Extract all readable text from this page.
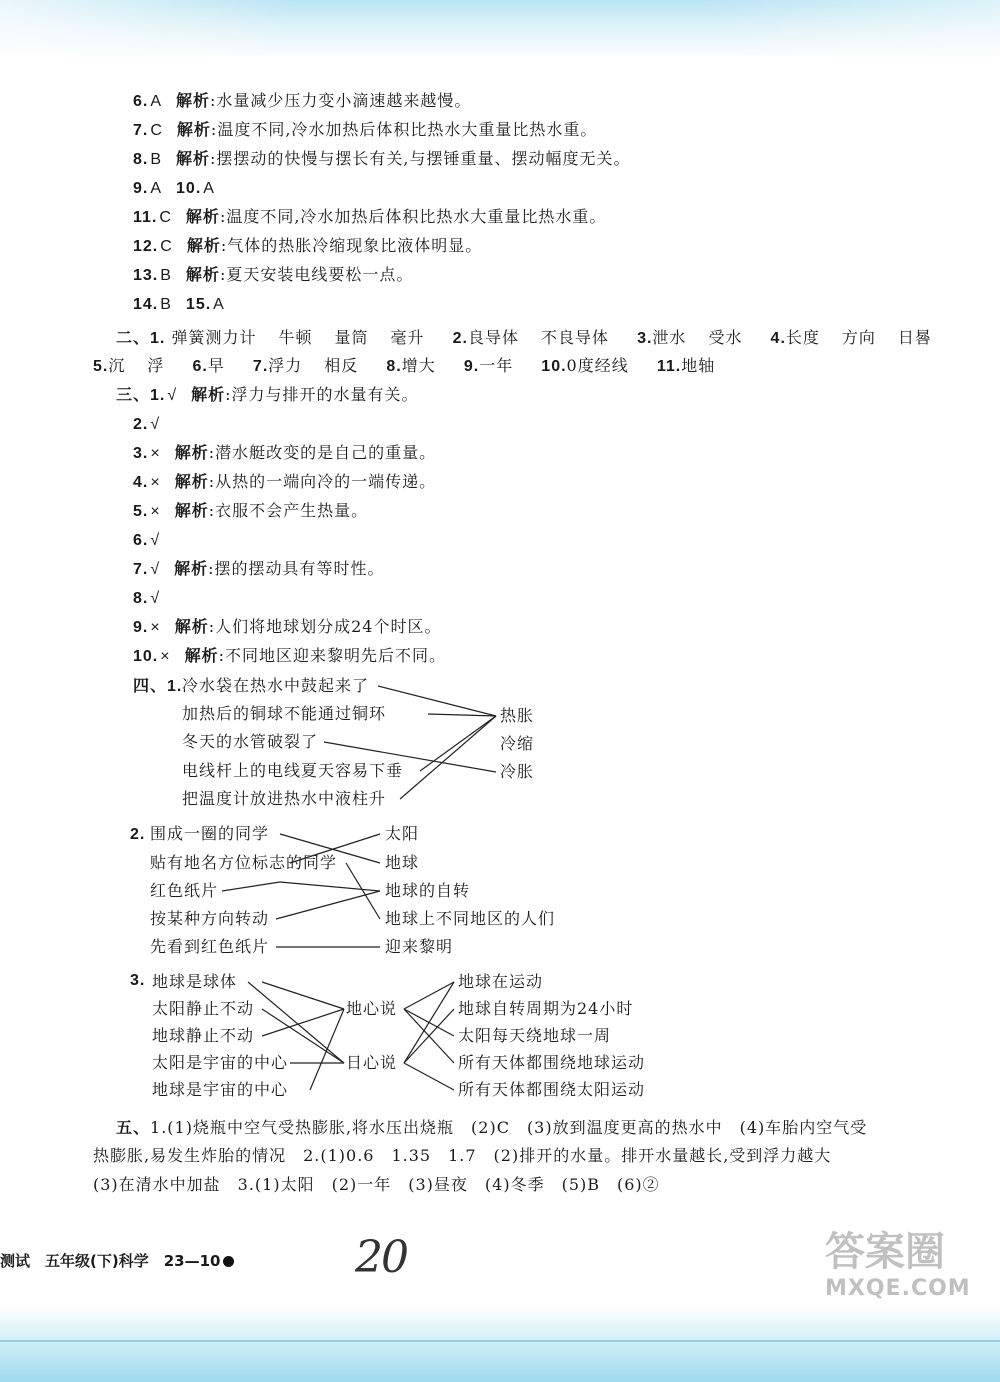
6. A 解析:水量减少压力变小滴速越来越慢。
7. C 解析:温度不同,冷水加热后体积比热水大重量比热水重。
8. B 解析:摆摆动的快慢与摆长有关,与摆锤重量、摆动幅度无关。
9. A 10. A
11. C 解析:温度不同,冷水加热后体积比热水大重量比热水重。
12. C 解析:气体的热胀冷缩现象比液体明显。
13. B 解析:夏天安装电线要松一点。
14. B 15. A
二、1. 弹簧测力计 牛顿 量筒 毫升 2.良导体 不良导体 3.泄水 受水 4.长度 方向 日晷
5.沉 浮 6.早 7.浮力 相反 8.增大 9.一年 10.0度经线 11.地轴
三、1. √ 解析:浮力与排开的水量有关。
2. √
3. × 解析:潜水艇改变的是自己的重量。
4. × 解析:从热的一端向冷的一端传递。
5. × 解析:衣服不会产生热量。
6. √
7. √ 解析:摆的摆动具有等时性。
8. √
9. × 解析:人们将地球划分成24个时区。
10. × 解析:不同地区迎来黎明先后不同。
四、1. 冷水袋在热水中鼓起来了
加热后的铜球不能通过铜环
冬天的水管破裂了
电线杆上的电线夏天容易下垂
把温度计放进热水中液柱升
热胀
冷缩
冷胀
2. 围成一圈的同学
贴有地名方位标志的同学
红色纸片
按某种方向转动
先看到红色纸片
太阳
地球
地球的自转
地球上不同地区的人们
迎来黎明
3. 地球是球体
太阳静止不动
地球静止不动
太阳是宇宙的中心
地球是宇宙的中心
地心说
日心说
地球在运动
地球自转周期为24小时
太阳每天绕地球一周
所有天体都围绕地球运动
所有天体都围绕太阳运动
五、1.(1)烧瓶中空气受热膨胀,将水压出烧瓶　(2)C　(3)放到温度更高的热水中　(4)车胎内空气受
热膨胀,易发生炸胎的情况　2.(1)0.6　1.35　1.7　(2)排开的水量。排开水量越长,受到浮力越大
(3)在清水中加盐　3.(1)太阳　(2)一年　(3)昼夜　(4)冬季　(5)B　(6)②
测试　五年级(下)科学　23—10	20	答案圈
MXQE.COM
